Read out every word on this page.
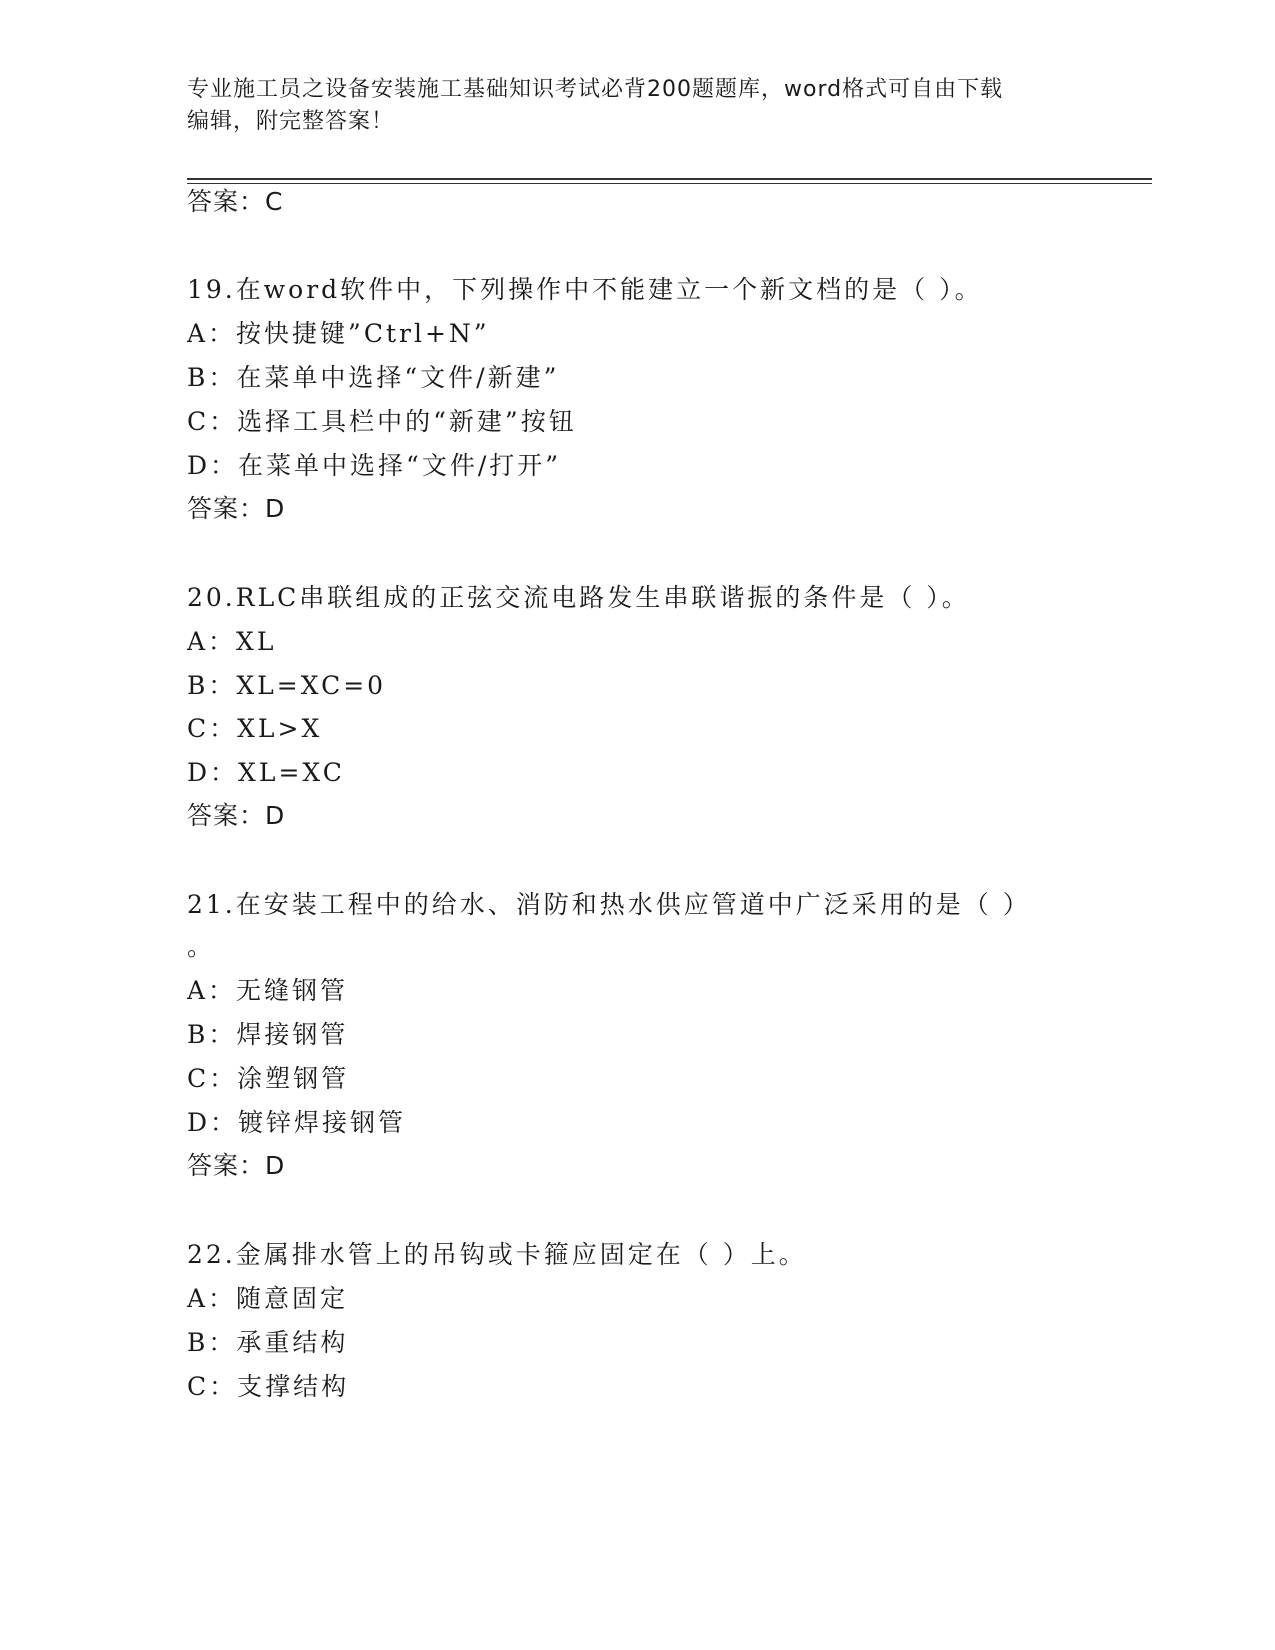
专业施工员之设备安装施工基础知识考试必背200题题库，word格式可自由下载
编辑，附完整答案！
答案：C
19.在word软件中，下列操作中不能建立一个新文档的是（ ）。
A：按快捷键”Ctrl+N”
B：在菜单中选择“文件/新建”
C：选择工具栏中的“新建”按钮
D：在菜单中选择“文件/打开”
答案：D
20.RLC串联组成的正弦交流电路发生串联谐振的条件是（ ）。
A：XL
B：XL=XC=0
C：XL>X
D：XL=XC
答案：D
21.在安装工程中的给水、消防和热水供应管道中广泛采用的是（ ）
。
A：无缝钢管
B：焊接钢管
C：涂塑钢管
D：镀锌焊接钢管
答案：D
22.金属排水管上的吊钩或卡箍应固定在（ ）上。
A：随意固定
B：承重结构
C：支撑结构
